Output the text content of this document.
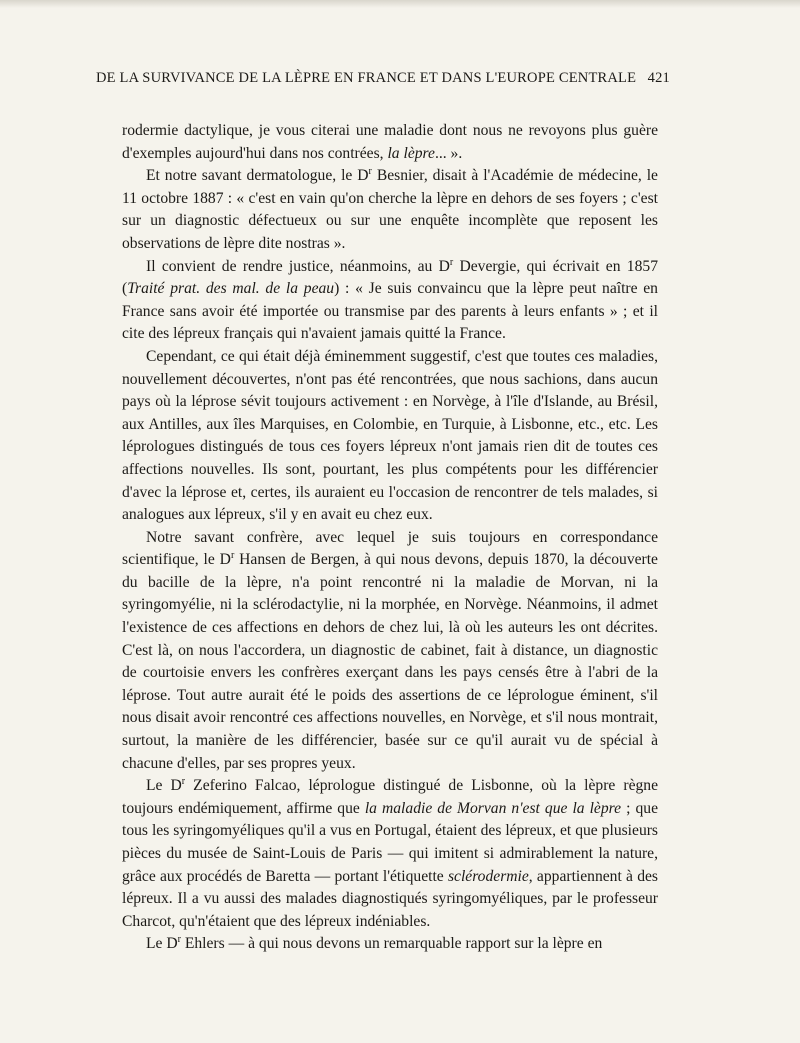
DE LA SURVIVANCE DE LA LÈPRE EN FRANCE ET DANS L'EUROPE CENTRALE 421

rodermie dactylique, je vous citerai une maladie dont nous ne revoyons plus guère d'exemples aujourd'hui dans nos contrées, la lèpre... ».

Et notre savant dermatologue, le $D^r$ Besnier, disait à l'Académie de médecine, le 11 octobre 1887 : « c'est en vain qu'on cherche la lèpre en dehors de ses foyers ; c'est sur un diagnostic défectueux ou sur une enquête incomplète que reposent les observations de lèpre dite nostras ».

Il convient de rendre justice, néanmoins, au $D^r$ Devergie, qui écrivait en 1857 (Traité prat. des mal. de la peau) : « Je suis convaincu que la lèpre peut naître en France sans avoir été importée ou transmise par des parents à leurs enfants » ; et il cite des lépreux français qui n'avaient jamais quitté la France.

Cependant, ce qui était déjà éminemment suggestif, c'est que toutes ces maladies, nouvellement découvertes, n'ont pas été rencontrées, que nous sachions, dans aucun pays où la léprose sévit toujours activement : en Norvège, à l'île d'Islande, au Brésil, aux Antilles, aux îles Marquises, en Colombie, en Turquie, à Lisbonne, etc., etc. Les léprologues distingués de tous ces foyers lépreux n'ont jamais rien dit de toutes ces affections nouvelles. Ils sont, pourtant, les plus compétents pour les différencier d'avec la léprose et, certes, ils auraient eu l'occasion de rencontrer de tels malades, si analogues aux lépreux, s'il y en avait eu chez eux.

Notre savant confrère, avec lequel je suis toujours en correspondance scientifique, le $D^r$ Hansen de Bergen, à qui nous devons, depuis 1870, la découverte du bacille de la lèpre, n'a point rencontré ni la maladie de Morvan, ni la syringomyélie, ni la sclérodactylie, ni la morphée, en Norvège. Néanmoins, il admet l'existence de ces affections en dehors de chez lui, là où les auteurs les ont décrites. C'est là, on nous l'accordera, un diagnostic de cabinet, fait à distance, un diagnostic de courtoisie envers les confrères exerçant dans les pays censés être à l'abri de la léprose. Tout autre aurait été le poids des assertions de ce léprologue éminent, s'il nous disait avoir rencontré ces affections nouvelles, en Norvège, et s'il nous montrait, surtout, la manière de les différencier, basée sur ce qu'il aurait vu de spécial à chacune d'elles, par ses propres yeux.

Le $D^r$ Zeferino Falcao, léprologue distingué de Lisbonne, où la lèpre règne toujours endémiquement, affirme que la maladie de Morvan n'est que la lèpre ; que tous les syringomyéliques qu'il a vus en Portugal, étaient des lépreux, et que plusieurs pièces du musée de Saint-Louis de Paris — qui imitent si admirablement la nature, grâce aux procédés de Baretta — portant l'étiquette sclérodermie, appartiennent à des lépreux. Il a vu aussi des malades diagnostiqués syringomyéliques, par le professeur Charcot, qu'n'étaient que des lépreux indéniables.

Le $D^r$ Ehlers — à qui nous devons un remarquable rapport sur la lèpre en
